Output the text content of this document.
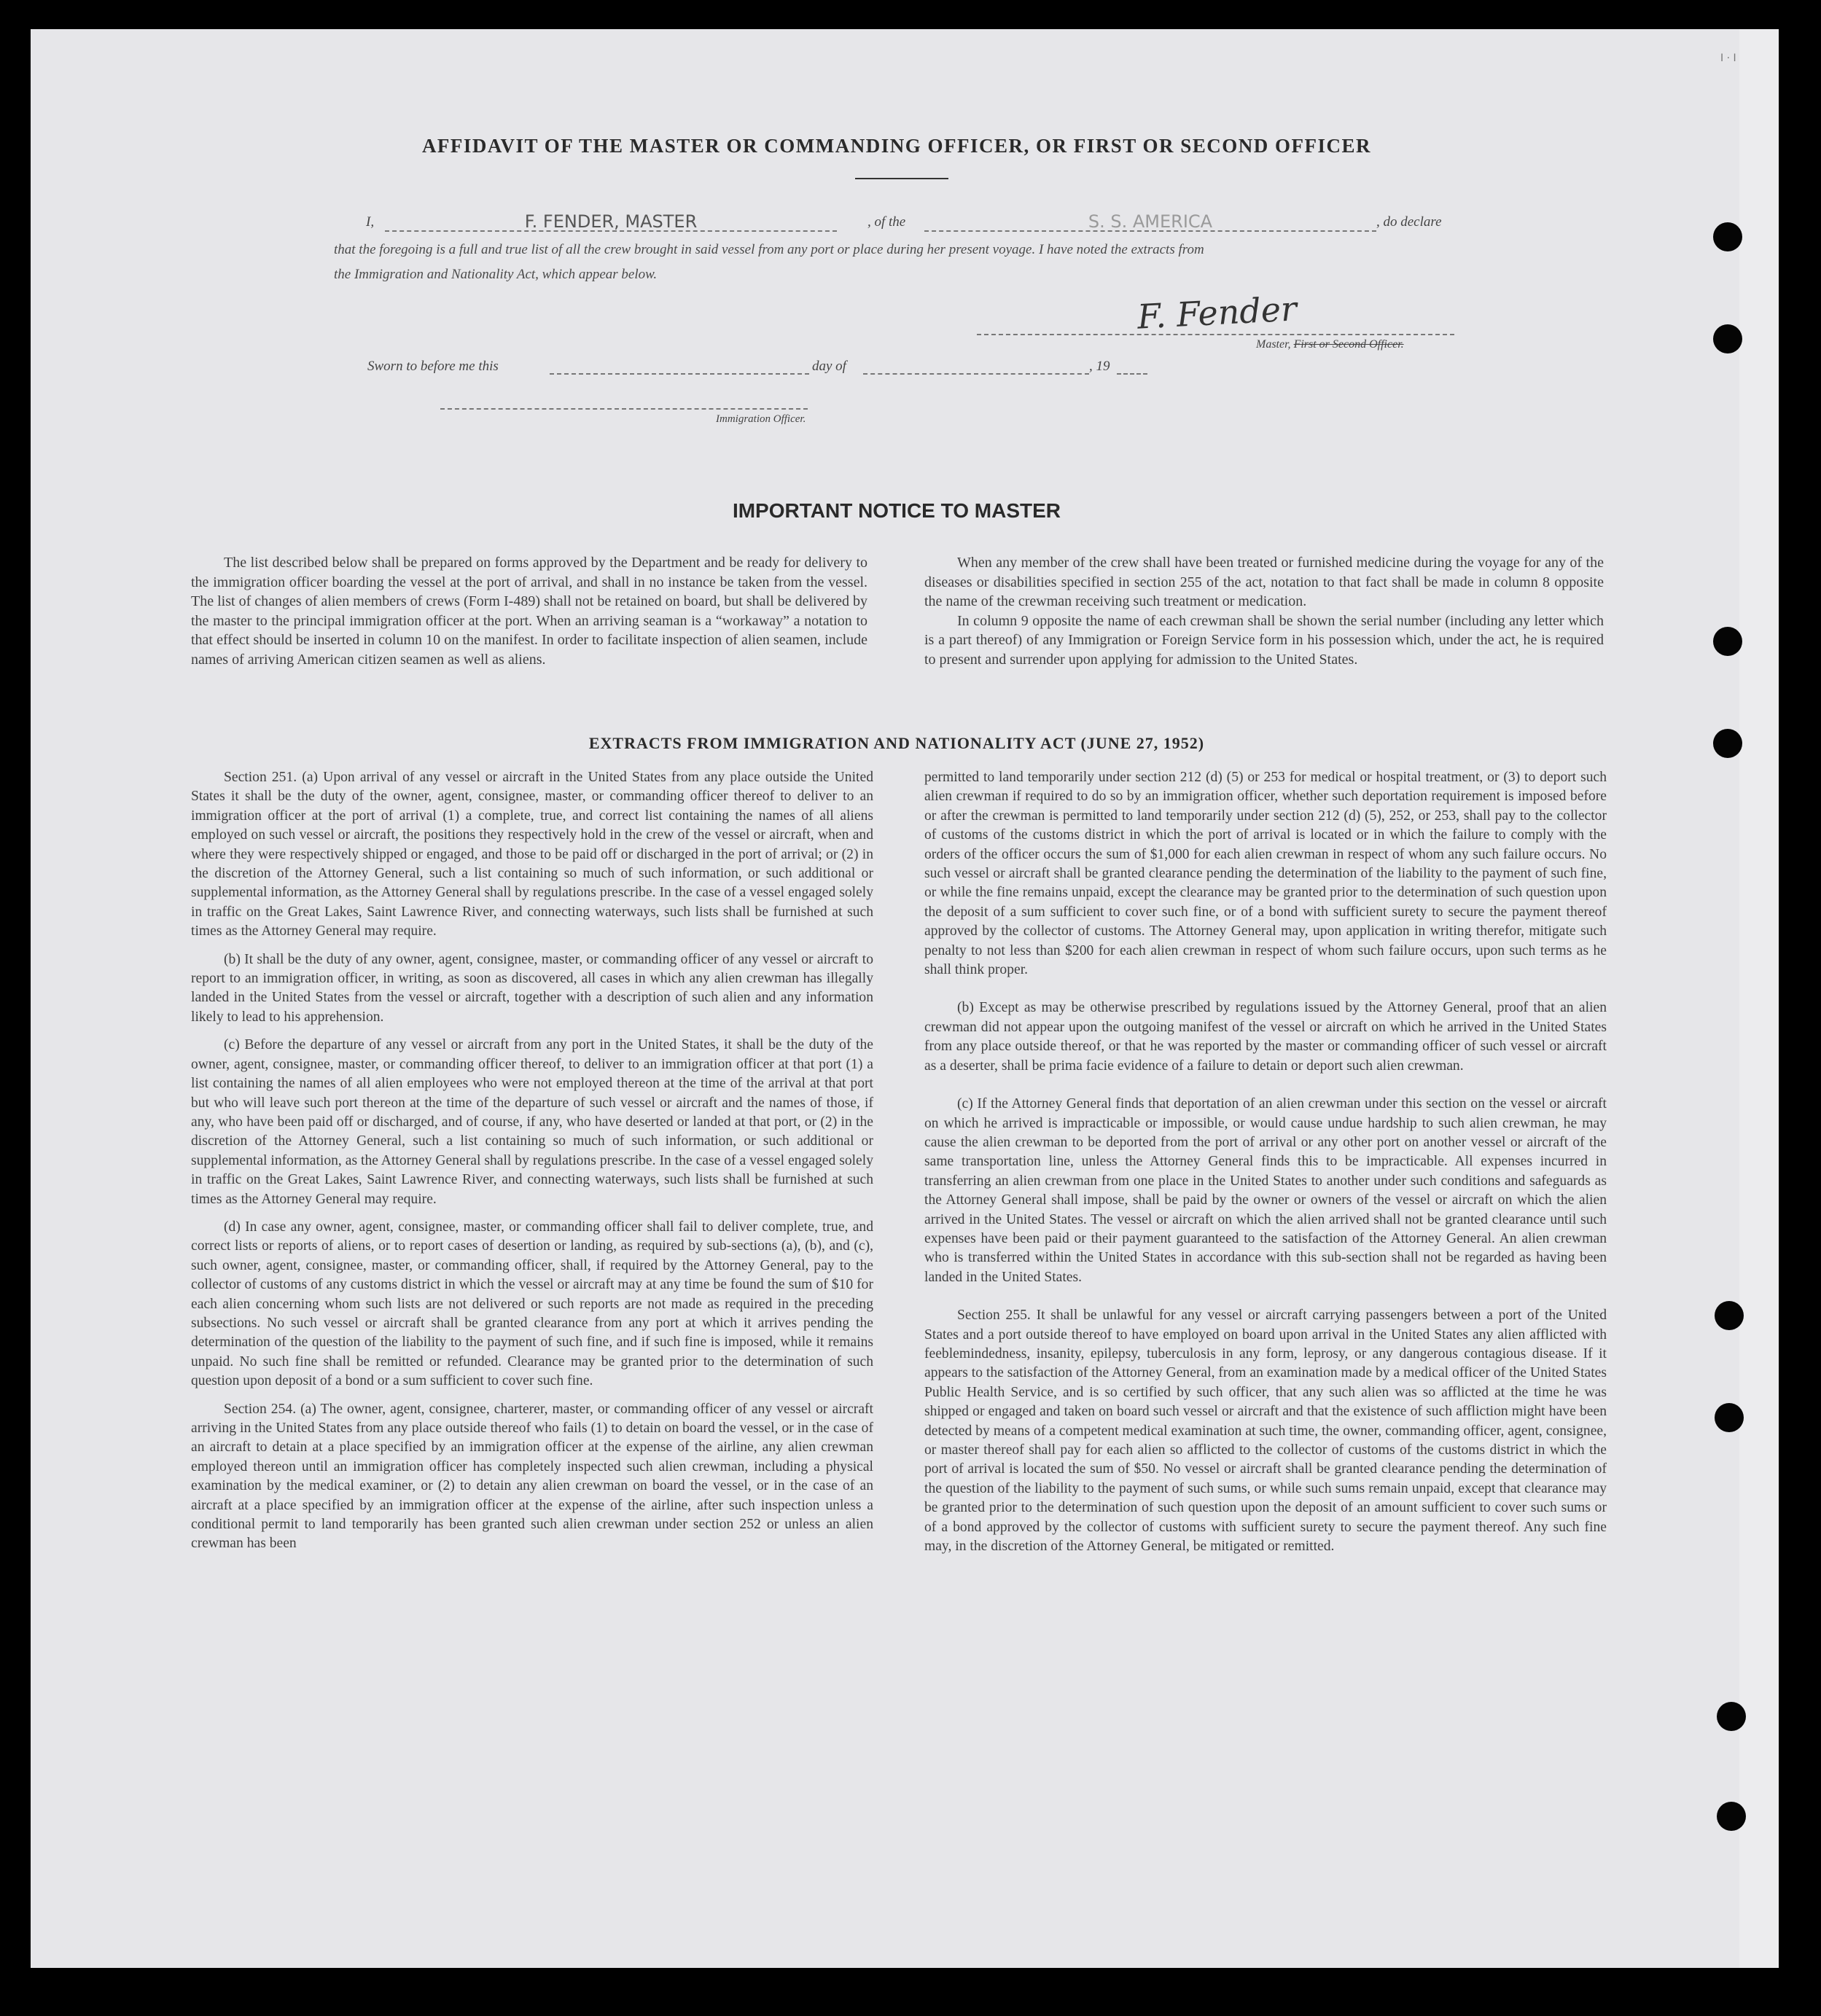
I · I
AFFIDAVIT OF THE MASTER OR COMMANDING OFFICER, OR FIRST OR SECOND OFFICER
I,	F. FENDER, MASTER	, of the	S. S. AMERICA	, do declare
that the foregoing is a full and true list of all the crew brought in said vessel from any port or place during her present voyage. I have noted the extracts from
the Immigration and Nationality Act, which appear below.
F. Fender
Master, First or Second Officer.
Sworn to before me this	day of	, 19
Immigration Officer.
IMPORTANT NOTICE TO MASTER

The list described below shall be prepared on forms approved by the Department and be ready for delivery to the immigration officer boarding the vessel at the port of arrival, and shall in no instance be taken from the vessel. The list of changes of alien members of crews (Form I-489) shall not be retained on board, but shall be delivered by the master to the principal immigration officer at the port. When an arriving seaman is a “workaway” a notation to that effect should be inserted in column 10 on the manifest. In order to facilitate inspection of alien seamen, include names of arriving American citizen seamen as well as aliens.

When any member of the crew shall have been treated or furnished medicine during the voyage for any of the diseases or disabilities specified in section 255 of the act, notation to that fact shall be made in column 8 opposite the name of the crewman receiving such treatment or medication.

In column 9 opposite the name of each crewman shall be shown the serial number (including any letter which is a part thereof) of any Immigration or Foreign Service form in his possession which, under the act, he is required to present and surrender upon applying for admission to the United States.

EXTRACTS FROM IMMIGRATION AND NATIONALITY ACT (JUNE 27, 1952)

Section 251. (a) Upon arrival of any vessel or aircraft in the United States from any place outside the United States it shall be the duty of the owner, agent, consignee, master, or commanding officer thereof to deliver to an immigration officer at the port of arrival (1) a complete, true, and correct list containing the names of all aliens employed on such vessel or aircraft, the positions they respectively hold in the crew of the vessel or aircraft, when and where they were respectively shipped or engaged, and those to be paid off or discharged in the port of arrival; or (2) in the discretion of the Attorney General, such a list containing so much of such information, or such additional or supplemental information, as the Attorney General shall by regulations prescribe. In the case of a vessel engaged solely in traffic on the Great Lakes, Saint Lawrence River, and connecting waterways, such lists shall be furnished at such times as the Attorney General may require.

(b) It shall be the duty of any owner, agent, consignee, master, or commanding officer of any vessel or aircraft to report to an immigration officer, in writing, as soon as discovered, all cases in which any alien crewman has illegally landed in the United States from the vessel or aircraft, together with a description of such alien and any information likely to lead to his apprehension.

(c) Before the departure of any vessel or aircraft from any port in the United States, it shall be the duty of the owner, agent, consignee, master, or commanding officer thereof, to deliver to an immigration officer at that port (1) a list containing the names of all alien employees who were not employed thereon at the time of the arrival at that port but who will leave such port thereon at the time of the departure of such vessel or aircraft and the names of those, if any, who have been paid off or discharged, and of course, if any, who have deserted or landed at that port, or (2) in the discretion of the Attorney General, such a list containing so much of such information, or such additional or supplemental information, as the Attorney General shall by regulations prescribe. In the case of a vessel engaged solely in traffic on the Great Lakes, Saint Lawrence River, and connecting waterways, such lists shall be furnished at such times as the Attorney General may require.

(d) In case any owner, agent, consignee, master, or commanding officer shall fail to deliver complete, true, and correct lists or reports of aliens, or to report cases of desertion or landing, as required by sub-sections (a), (b), and (c), such owner, agent, consignee, master, or commanding officer, shall, if required by the Attorney General, pay to the collector of customs of any customs district in which the vessel or aircraft may at any time be found the sum of $10 for each alien concerning whom such lists are not delivered or such reports are not made as required in the preceding subsections. No such vessel or aircraft shall be granted clearance from any port at which it arrives pending the determination of the question of the liability to the payment of such fine, and if such fine is imposed, while it remains unpaid. No such fine shall be remitted or refunded. Clearance may be granted prior to the determination of such question upon deposit of a bond or a sum sufficient to cover such fine.

Section 254. (a) The owner, agent, consignee, charterer, master, or commanding officer of any vessel or aircraft arriving in the United States from any place outside thereof who fails (1) to detain on board the vessel, or in the case of an aircraft to detain at a place specified by an immigration officer at the expense of the airline, any alien crewman employed thereon until an immigration officer has completely inspected such alien crewman, including a physical examination by the medical examiner, or (2) to detain any alien crewman on board the vessel, or in the case of an aircraft at a place specified by an immigration officer at the expense of the airline, after such inspection unless a conditional permit to land temporarily has been granted such alien crewman under section 252 or unless an alien crewman has been

permitted to land temporarily under section 212 (d) (5) or 253 for medical or hospital treatment, or (3) to deport such alien crewman if required to do so by an immigration officer, whether such deportation requirement is imposed before or after the crewman is permitted to land temporarily under section 212 (d) (5), 252, or 253, shall pay to the collector of customs of the customs district in which the port of arrival is located or in which the failure to comply with the orders of the officer occurs the sum of $1,000 for each alien crewman in respect of whom any such failure occurs. No such vessel or aircraft shall be granted clearance pending the determination of the liability to the payment of such fine, or while the fine remains unpaid, except the clearance may be granted prior to the determination of such question upon the deposit of a sum sufficient to cover such fine, or of a bond with sufficient surety to secure the payment thereof approved by the collector of customs. The Attorney General may, upon application in writing therefor, mitigate such penalty to not less than $200 for each alien crewman in respect of whom such failure occurs, upon such terms as he shall think proper.

(b) Except as may be otherwise prescribed by regulations issued by the Attorney General, proof that an alien crewman did not appear upon the outgoing manifest of the vessel or aircraft on which he arrived in the United States from any place outside thereof, or that he was reported by the master or commanding officer of such vessel or aircraft as a deserter, shall be prima facie evidence of a failure to detain or deport such alien crewman.

(c) If the Attorney General finds that deportation of an alien crewman under this section on the vessel or aircraft on which he arrived is impracticable or impossible, or would cause undue hardship to such alien crewman, he may cause the alien crewman to be deported from the port of arrival or any other port on another vessel or aircraft of the same transportation line, unless the Attorney General finds this to be impracticable. All expenses incurred in transferring an alien crewman from one place in the United States to another under such conditions and safeguards as the Attorney General shall impose, shall be paid by the owner or owners of the vessel or aircraft on which the alien arrived in the United States. The vessel or aircraft on which the alien arrived shall not be granted clearance until such expenses have been paid or their payment guaranteed to the satisfaction of the Attorney General. An alien crewman who is transferred within the United States in accordance with this sub-section shall not be regarded as having been landed in the United States.

Section 255. It shall be unlawful for any vessel or aircraft carrying passengers between a port of the United States and a port outside thereof to have employed on board upon arrival in the United States any alien afflicted with feeblemindedness, insanity, epilepsy, tuberculosis in any form, leprosy, or any dangerous contagious disease. If it appears to the satisfaction of the Attorney General, from an examination made by a medical officer of the United States Public Health Service, and is so certified by such officer, that any such alien was so afflicted at the time he was shipped or engaged and taken on board such vessel or aircraft and that the existence of such affliction might have been detected by means of a competent medical examination at such time, the owner, commanding officer, agent, consignee, or master thereof shall pay for each alien so afflicted to the collector of customs of the customs district in which the port of arrival is located the sum of $50. No vessel or aircraft shall be granted clearance pending the determination of the question of the liability to the payment of such sums, or while such sums remain unpaid, except that clearance may be granted prior to the determination of such question upon the deposit of an amount sufficient to cover such sums or of a bond approved by the collector of customs with sufficient surety to secure the payment thereof. Any such fine may, in the discretion of the Attorney General, be mitigated or remitted.
